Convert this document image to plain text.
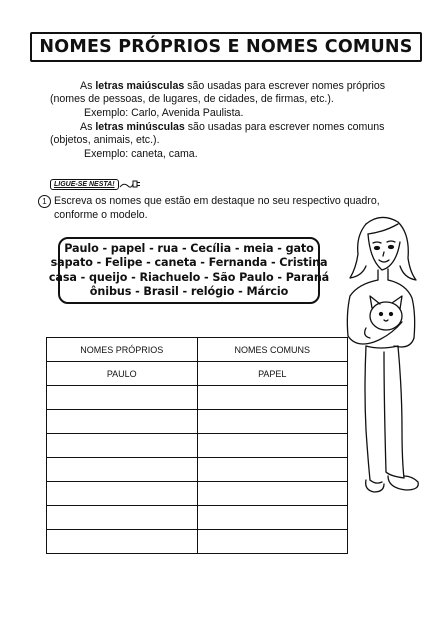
NOMES PRÓPRIOS E NOMES COMUNS
As letras maiúsculas são usadas para escrever nomes próprios
(nomes de pessoas, de lugares, de cidades, de firmas, etc.).
Exemplo: Carlo, Avenida Paulista.
As letras minúsculas são usadas para escrever nomes comuns
(objetos, animais, etc.).
Exemplo: caneta, cama.
LIGUE-SE NESTA!
1 Escreva os nomes que estão em destaque no seu respectivo quadro,
conforme o modelo.
Paulo - papel - rua - Cecília - meia - gato
sapato - Felipe - caneta - Fernanda - Cristina
casa - queijo - Riachuelo - São Paulo - Paraná
ônibus - Brasil - relógio - Márcio
NOMES PRÓPRIOS	NOMES COMUNS
PAULO	PAPEL
